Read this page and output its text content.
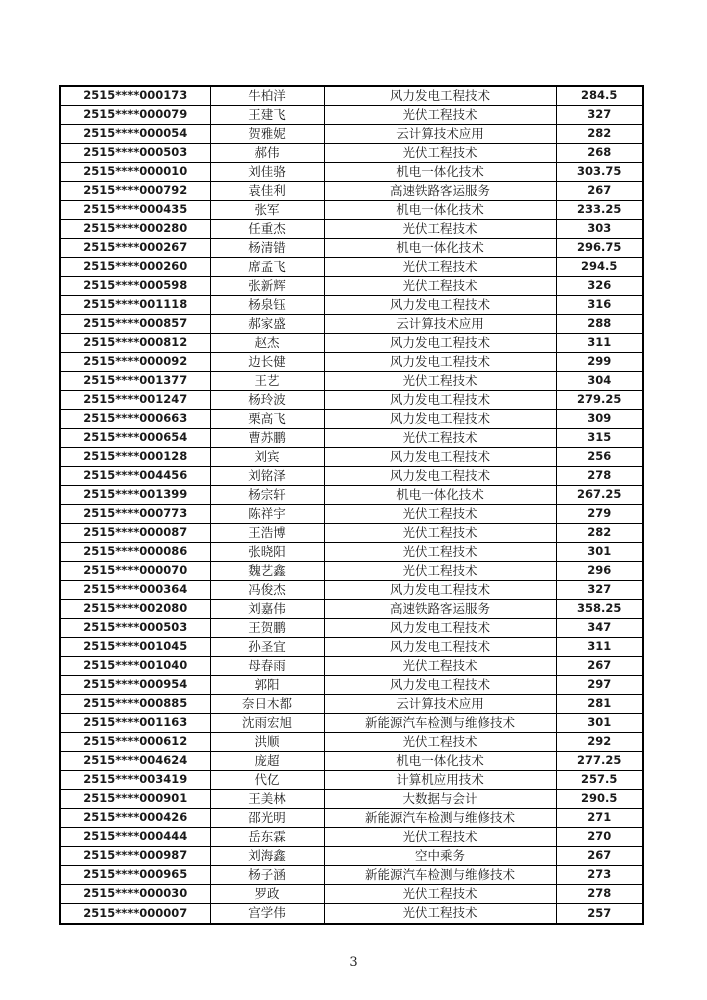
2515****000173	牛柏洋	风力发电工程技术	284.5
2515****000079	王建飞	光伏工程技术	327
2515****000054	贺雅妮	云计算技术应用	282
2515****000503	郝伟	光伏工程技术	268
2515****000010	刘佳骆	机电一体化技术	303.75
2515****000792	袁佳利	高速铁路客运服务	267
2515****000435	张军	机电一体化技术	233.25
2515****000280	任重杰	光伏工程技术	303
2515****000267	杨清错	机电一体化技术	296.75
2515****000260	席孟飞	光伏工程技术	294.5
2515****000598	张新辉	光伏工程技术	326
2515****001118	杨泉钰	风力发电工程技术	316
2515****000857	郝家盛	云计算技术应用	288
2515****000812	赵杰	风力发电工程技术	311
2515****000092	边长健	风力发电工程技术	299
2515****001377	王艺	光伏工程技术	304
2515****001247	杨玲波	风力发电工程技术	279.25
2515****000663	栗高飞	风力发电工程技术	309
2515****000654	曹苏鹏	光伏工程技术	315
2515****000128	刘宾	风力发电工程技术	256
2515****004456	刘铭泽	风力发电工程技术	278
2515****001399	杨宗轩	机电一体化技术	267.25
2515****000773	陈祥宇	光伏工程技术	279
2515****000087	王浩博	光伏工程技术	282
2515****000086	张晓阳	光伏工程技术	301
2515****000070	魏艺鑫	光伏工程技术	296
2515****000364	冯俊杰	风力发电工程技术	327
2515****002080	刘嘉伟	高速铁路客运服务	358.25
2515****000503	王贺鹏	风力发电工程技术	347
2515****001045	孙圣宜	风力发电工程技术	311
2515****001040	母春雨	光伏工程技术	267
2515****000954	郭阳	风力发电工程技术	297
2515****000885	奈日木都	云计算技术应用	281
2515****001163	沈雨宏旭	新能源汽车检测与维修技术	301
2515****000612	洪顺	光伏工程技术	292
2515****004624	庞超	机电一体化技术	277.25
2515****003419	代亿	计算机应用技术	257.5
2515****000901	王美林	大数据与会计	290.5
2515****000426	邵光明	新能源汽车检测与维修技术	271
2515****000444	岳东霖	光伏工程技术	270
2515****000987	刘海鑫	空中乘务	267
2515****000965	杨子涵	新能源汽车检测与维修技术	273
2515****000030	罗政	光伏工程技术	278
2515****000007	宫学伟	光伏工程技术	257
3
